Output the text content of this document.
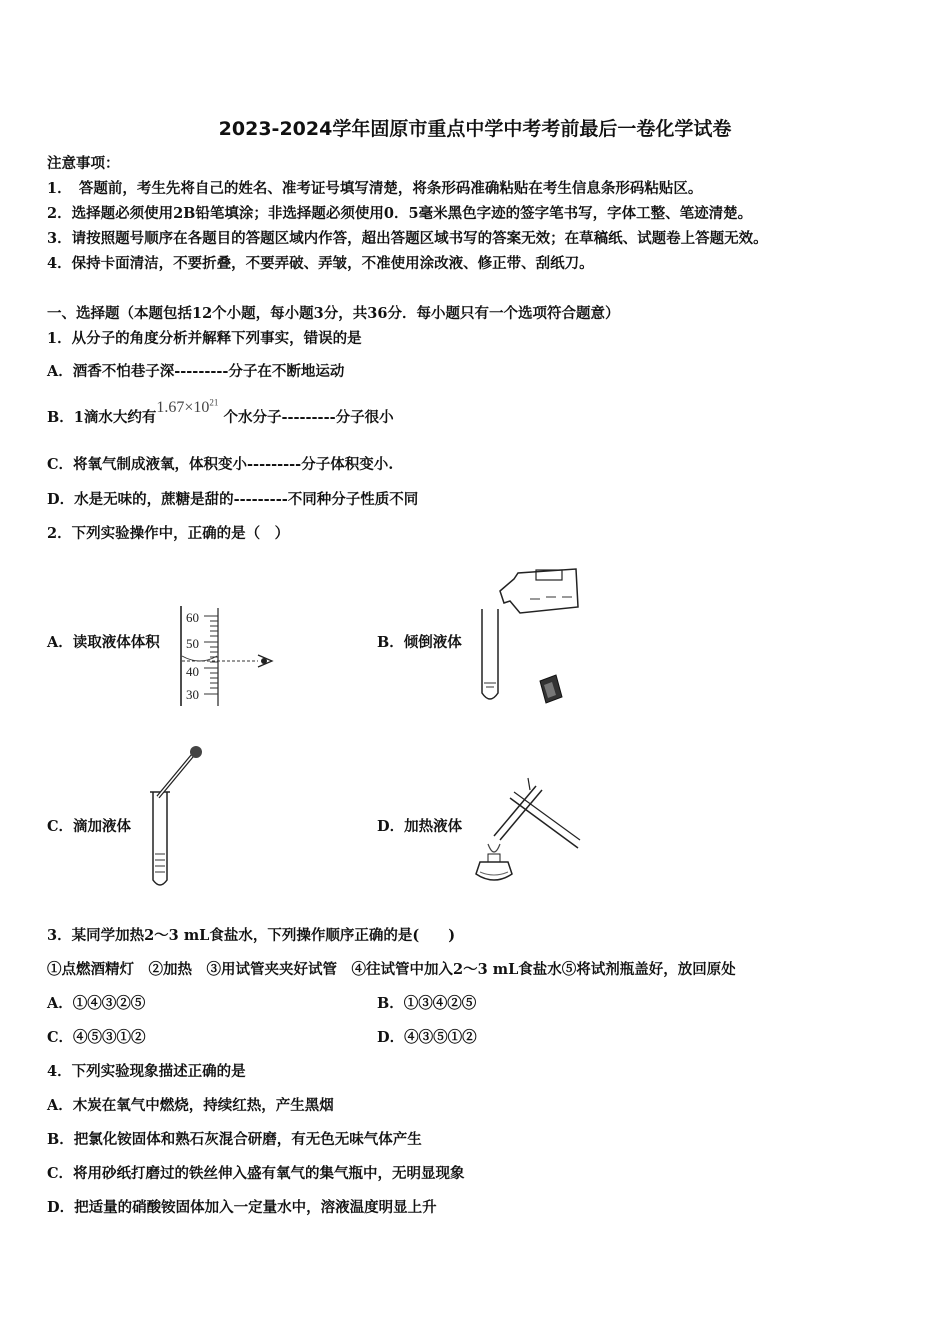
2023-2024学年固原市重点中学中考考前最后一卷化学试卷
注意事项：
1．　答题前，考生先将自己的姓名、准考证号填写清楚，将条形码准确粘贴在考生信息条形码粘贴区。
2．选择题必须使用2B铅笔填涂；非选择题必须使用0．5毫米黑色字迹的签字笔书写，字体工整、笔迹清楚。
3．请按照题号顺序在各题目的答题区域内作答，超出答题区域书写的答案无效；在草稿纸、试题卷上答题无效。
4．保持卡面清洁，不要折叠，不要弄破、弄皱，不准使用涂改液、修正带、刮纸刀。
一、选择题（本题包括12个小题，每小题3分，共36分．每小题只有一个选项符合题意）
1．从分子的角度分析并解释下列事实，错误的是
A．酒香不怕巷子深---------分子在不断地运动
B．1滴水大约有$1.67\times 10^{21}$ 个水分子---------分子很小
C．将氧气制成液氧，体积变小---------分子体积变小.
D．水是无味的，蔗糖是甜的---------不同种分子性质不同
2．下列实验操作中，正确的是（　）
A．读取液体体积	B．倾倒液体
C．滴加液体	D．加热液体
60
50
40
30
3．某同学加热2～3 mL食盐水，下列操作顺序正确的是(　　)
①点燃酒精灯　②加热　③用试管夹夹好试管　④往试管中加入2～3 mL食盐水⑤将试剂瓶盖好，放回原处
A．①④③②⑤	B．①③④②⑤
C．④⑤③①②	D．④③⑤①②
4．下列实验现象描述正确的是
A．木炭在氧气中燃烧，持续红热，产生黑烟
B．把氯化铵固体和熟石灰混合研磨，有无色无味气体产生
C．将用砂纸打磨过的铁丝伸入盛有氧气的集气瓶中，无明显现象
D．把适量的硝酸铵固体加入一定量水中，溶液温度明显上升
